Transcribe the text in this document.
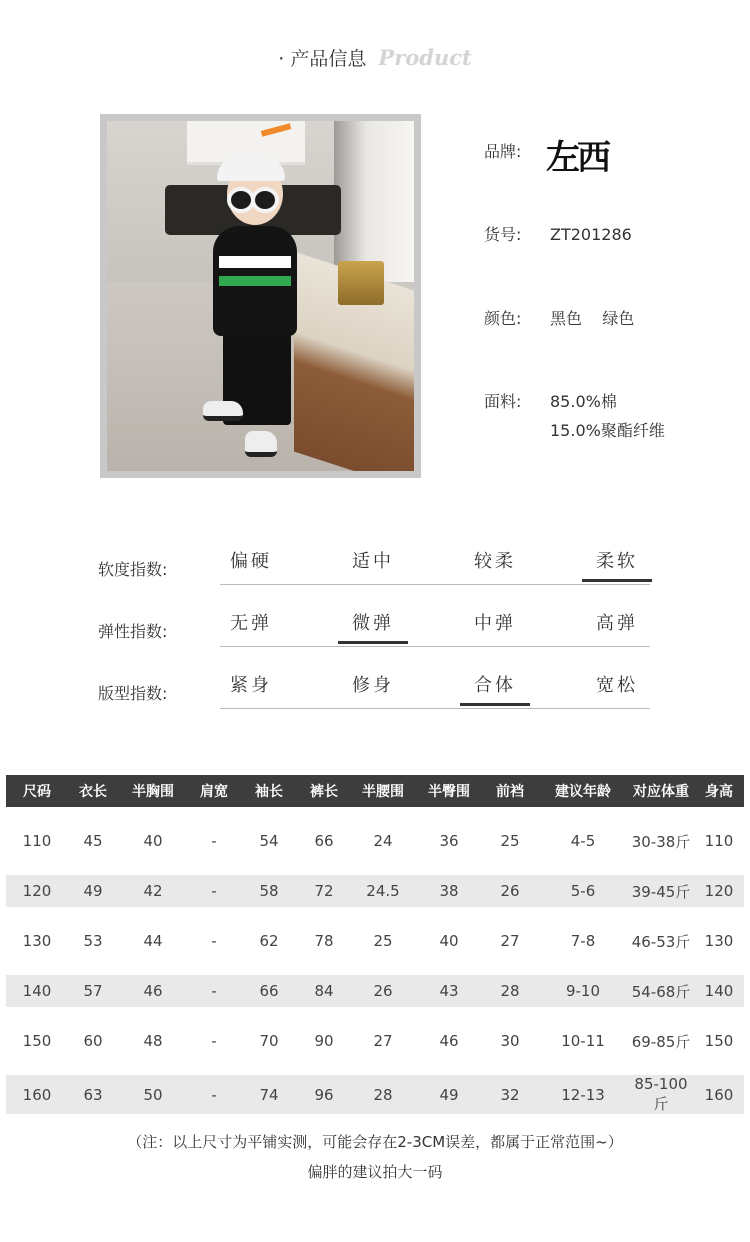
· 产品信息 Product
品牌: 左西
货号: ZT201286
颜色: 黑色    绿色
面料: 85.0%棉
15.0%聚酯纤维
软度指数:	偏硬	适中	较柔	柔软
弹性指数:	无弹	微弹	中弹	高弹
版型指数:	紧身	修身	合体	宽松
尺码	衣长	半胸围	肩宽	袖长	裤长	半腰围	半臀围	前裆	建议年龄	对应体重	身高
110	45	40	-	54	66	24	36	25	4-5	30-38斤	110
120	49	42	-	58	72	24.5	38	26	5-6	39-45斤	120
130	53	44	-	62	78	25	40	27	7-8	46-53斤	130
140	57	46	-	66	84	26	43	28	9-10	54-68斤	140
150	60	48	-	70	90	27	46	30	10-11	69-85斤	150
160	63	50	-	74	96	28	49	32	12-13	85-100斤	160
（注：以上尺寸为平铺实测，可能会存在2-3CM误差，都属于正常范围~）
偏胖的建议拍大一码
